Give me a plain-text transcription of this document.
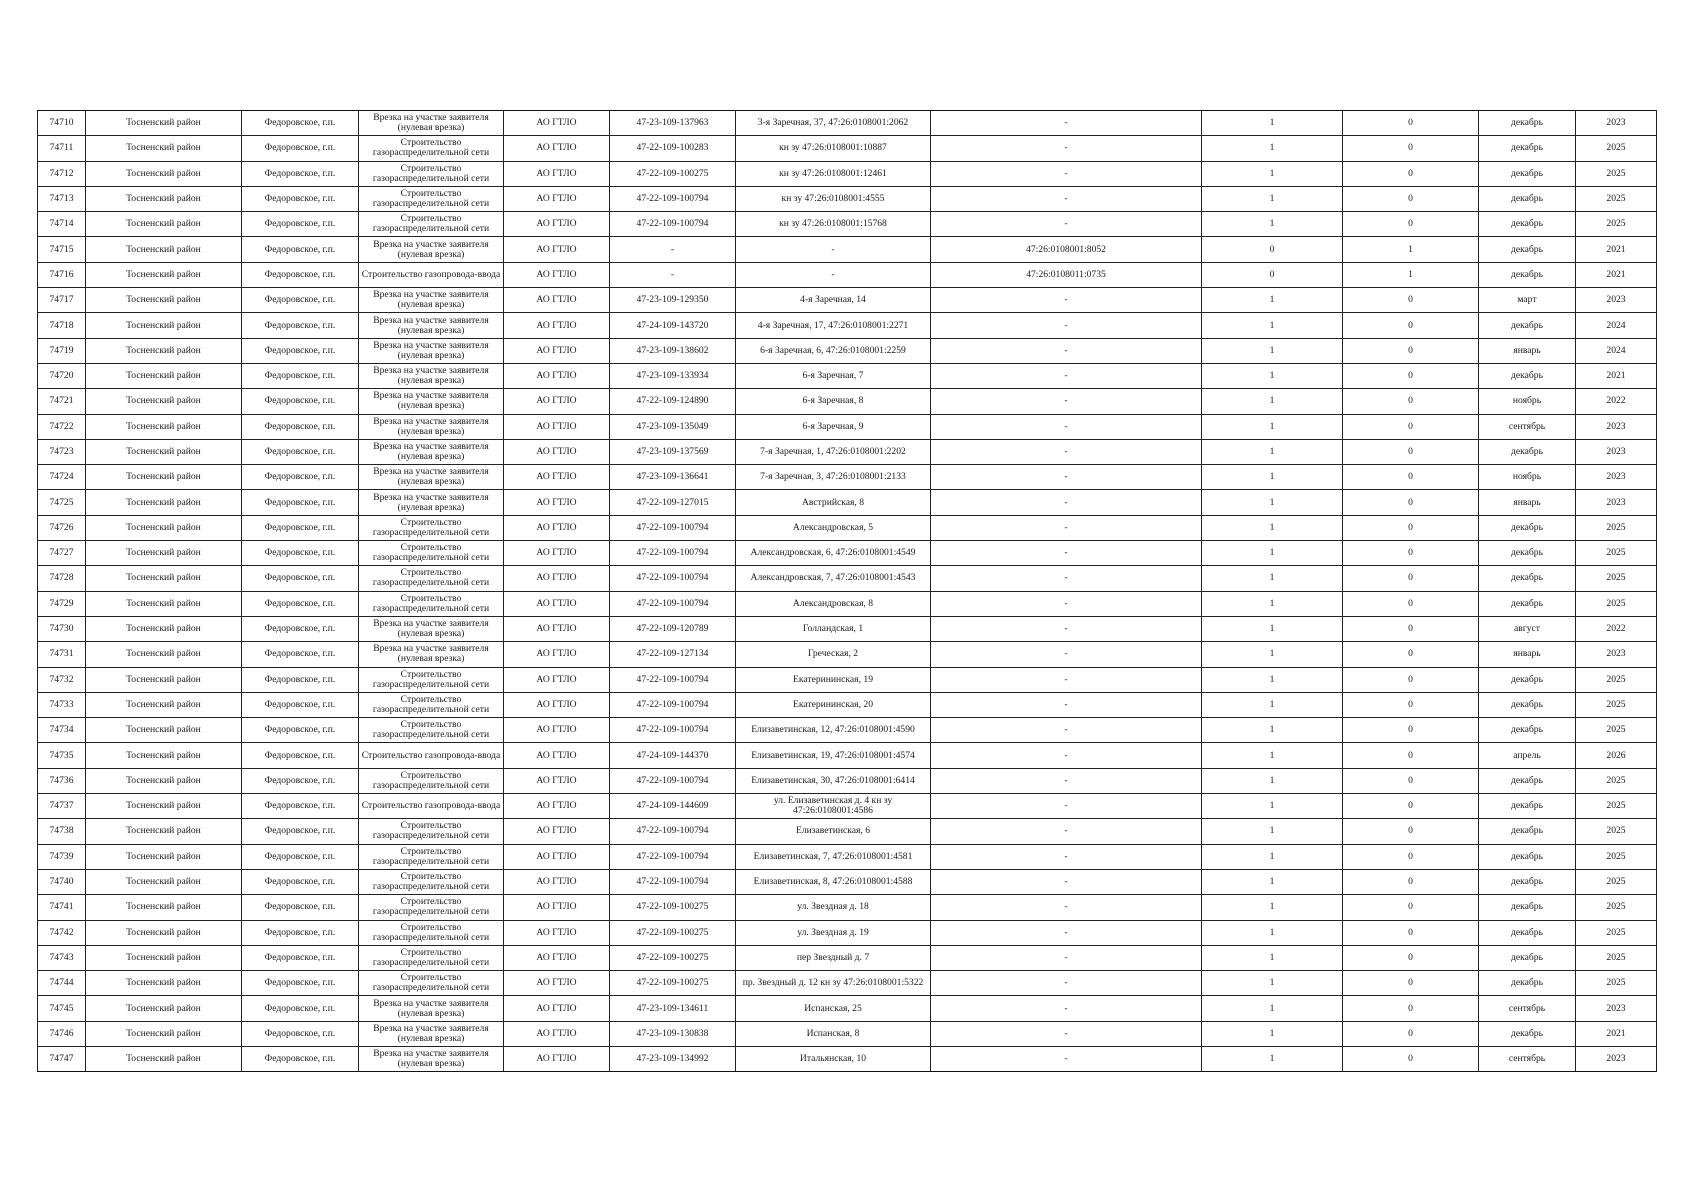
74710	Тосненский район	Федоровское, г.п.	Врезка на участке заявителя (нулевая врезка)	АО ГТЛО	47-23-109-137963	3-я Заречная, 37, 47:26:0108001:2062	-	1	0	декабрь	2023
74711	Тосненский район	Федоровское, г.п.	Строительство газораспределительной сети	АО ГТЛО	47-22-109-100283	кн зу 47:26:0108001:10887	-	1	0	декабрь	2025
74712	Тосненский район	Федоровское, г.п.	Строительство газораспределительной сети	АО ГТЛО	47-22-109-100275	кн зу 47:26:0108001:12461	-	1	0	декабрь	2025
74713	Тосненский район	Федоровское, г.п.	Строительство газораспределительной сети	АО ГТЛО	47-22-109-100794	кн зу 47:26:0108001:4555	-	1	0	декабрь	2025
74714	Тосненский район	Федоровское, г.п.	Строительство газораспределительной сети	АО ГТЛО	47-22-109-100794	кн зу 47:26:0108001:15768	-	1	0	декабрь	2025
74715	Тосненский район	Федоровское, г.п.	Врезка на участке заявителя (нулевая врезка)	АО ГТЛО	-	-	47:26:0108001:8052	0	1	декабрь	2021
74716	Тосненский район	Федоровское, г.п.	Строительство газопровода-ввода	АО ГТЛО	-	-	47:26:0108011:0735	0	1	декабрь	2021
74717	Тосненский район	Федоровское, г.п.	Врезка на участке заявителя (нулевая врезка)	АО ГТЛО	47-23-109-129350	4-я Заречная, 14	-	1	0	март	2023
74718	Тосненский район	Федоровское, г.п.	Врезка на участке заявителя (нулевая врезка)	АО ГТЛО	47-24-109-143720	4-я Заречная, 17, 47:26:0108001:2271	-	1	0	декабрь	2024
74719	Тосненский район	Федоровское, г.п.	Врезка на участке заявителя (нулевая врезка)	АО ГТЛО	47-23-109-138602	6-я Заречная, 6, 47:26:0108001:2259	-	1	0	январь	2024
74720	Тосненский район	Федоровское, г.п.	Врезка на участке заявителя (нулевая врезка)	АО ГТЛО	47-23-109-133934	6-я Заречная, 7	-	1	0	декабрь	2021
74721	Тосненский район	Федоровское, г.п.	Врезка на участке заявителя (нулевая врезка)	АО ГТЛО	47-22-109-124890	6-я Заречная, 8	-	1	0	ноябрь	2022
74722	Тосненский район	Федоровское, г.п.	Врезка на участке заявителя (нулевая врезка)	АО ГТЛО	47-23-109-135049	6-я Заречная, 9	-	1	0	сентябрь	2023
74723	Тосненский район	Федоровское, г.п.	Врезка на участке заявителя (нулевая врезка)	АО ГТЛО	47-23-109-137569	7-я Заречная, 1, 47:26:0108001:2202	-	1	0	декабрь	2023
74724	Тосненский район	Федоровское, г.п.	Врезка на участке заявителя (нулевая врезка)	АО ГТЛО	47-23-109-136641	7-я Заречная, 3, 47:26:0108001:2133	-	1	0	ноябрь	2023
74725	Тосненский район	Федоровское, г.п.	Врезка на участке заявителя (нулевая врезка)	АО ГТЛО	47-22-109-127015	Австрийская, 8	-	1	0	январь	2023
74726	Тосненский район	Федоровское, г.п.	Строительство газораспределительной сети	АО ГТЛО	47-22-109-100794	Александровская, 5	-	1	0	декабрь	2025
74727	Тосненский район	Федоровское, г.п.	Строительство газораспределительной сети	АО ГТЛО	47-22-109-100794	Александровская, 6, 47:26:0108001:4549	-	1	0	декабрь	2025
74728	Тосненский район	Федоровское, г.п.	Строительство газораспределительной сети	АО ГТЛО	47-22-109-100794	Александровская, 7, 47:26:0108001:4543	-	1	0	декабрь	2025
74729	Тосненский район	Федоровское, г.п.	Строительство газораспределительной сети	АО ГТЛО	47-22-109-100794	Александровская, 8	-	1	0	декабрь	2025
74730	Тосненский район	Федоровское, г.п.	Врезка на участке заявителя (нулевая врезка)	АО ГТЛО	47-22-109-120789	Голландская, 1	-	1	0	август	2022
74731	Тосненский район	Федоровское, г.п.	Врезка на участке заявителя (нулевая врезка)	АО ГТЛО	47-22-109-127134	Греческая, 2	-	1	0	январь	2023
74732	Тосненский район	Федоровское, г.п.	Строительство газораспределительной сети	АО ГТЛО	47-22-109-100794	Екатерининская, 19	-	1	0	декабрь	2025
74733	Тосненский район	Федоровское, г.п.	Строительство газораспределительной сети	АО ГТЛО	47-22-109-100794	Екатерининская, 20	-	1	0	декабрь	2025
74734	Тосненский район	Федоровское, г.п.	Строительство газораспределительной сети	АО ГТЛО	47-22-109-100794	Елизаветинская, 12, 47:26:0108001:4590	-	1	0	декабрь	2025
74735	Тосненский район	Федоровское, г.п.	Строительство газопровода-ввода	АО ГТЛО	47-24-109-144370	Елизаветинская, 19, 47:26:0108001:4574	-	1	0	апрель	2026
74736	Тосненский район	Федоровское, г.п.	Строительство газораспределительной сети	АО ГТЛО	47-22-109-100794	Елизаветинская, 30, 47:26:0108001:6414	-	1	0	декабрь	2025
74737	Тосненский район	Федоровское, г.п.	Строительство газопровода-ввода	АО ГТЛО	47-24-109-144609	ул. Елизаветинская д. 4 кн зу 47:26:0108001:4586	-	1	0	декабрь	2025
74738	Тосненский район	Федоровское, г.п.	Строительство газораспределительной сети	АО ГТЛО	47-22-109-100794	Елизаветинская, 6	-	1	0	декабрь	2025
74739	Тосненский район	Федоровское, г.п.	Строительство газораспределительной сети	АО ГТЛО	47-22-109-100794	Елизаветинская, 7, 47:26:0108001:4581	-	1	0	декабрь	2025
74740	Тосненский район	Федоровское, г.п.	Строительство газораспределительной сети	АО ГТЛО	47-22-109-100794	Елизаветинская, 8, 47:26:0108001:4588	-	1	0	декабрь	2025
74741	Тосненский район	Федоровское, г.п.	Строительство газораспределительной сети	АО ГТЛО	47-22-109-100275	ул. Звездная д. 18	-	1	0	декабрь	2025
74742	Тосненский район	Федоровское, г.п.	Строительство газораспределительной сети	АО ГТЛО	47-22-109-100275	ул. Звездная д. 19	-	1	0	декабрь	2025
74743	Тосненский район	Федоровское, г.п.	Строительство газораспределительной сети	АО ГТЛО	47-22-109-100275	пер Звездный д. 7	-	1	0	декабрь	2025
74744	Тосненский район	Федоровское, г.п.	Строительство газораспределительной сети	АО ГТЛО	47-22-109-100275	пр. Звездный д. 12 кн зу 47:26:0108001:5322	-	1	0	декабрь	2025
74745	Тосненский район	Федоровское, г.п.	Врезка на участке заявителя (нулевая врезка)	АО ГТЛО	47-23-109-134611	Испанская, 25	-	1	0	сентябрь	2023
74746	Тосненский район	Федоровское, г.п.	Врезка на участке заявителя (нулевая врезка)	АО ГТЛО	47-23-109-130838	Испанская, 8	-	1	0	декабрь	2021
74747	Тосненский район	Федоровское, г.п.	Врезка на участке заявителя (нулевая врезка)	АО ГТЛО	47-23-109-134992	Итальянская, 10	-	1	0	сентябрь	2023
